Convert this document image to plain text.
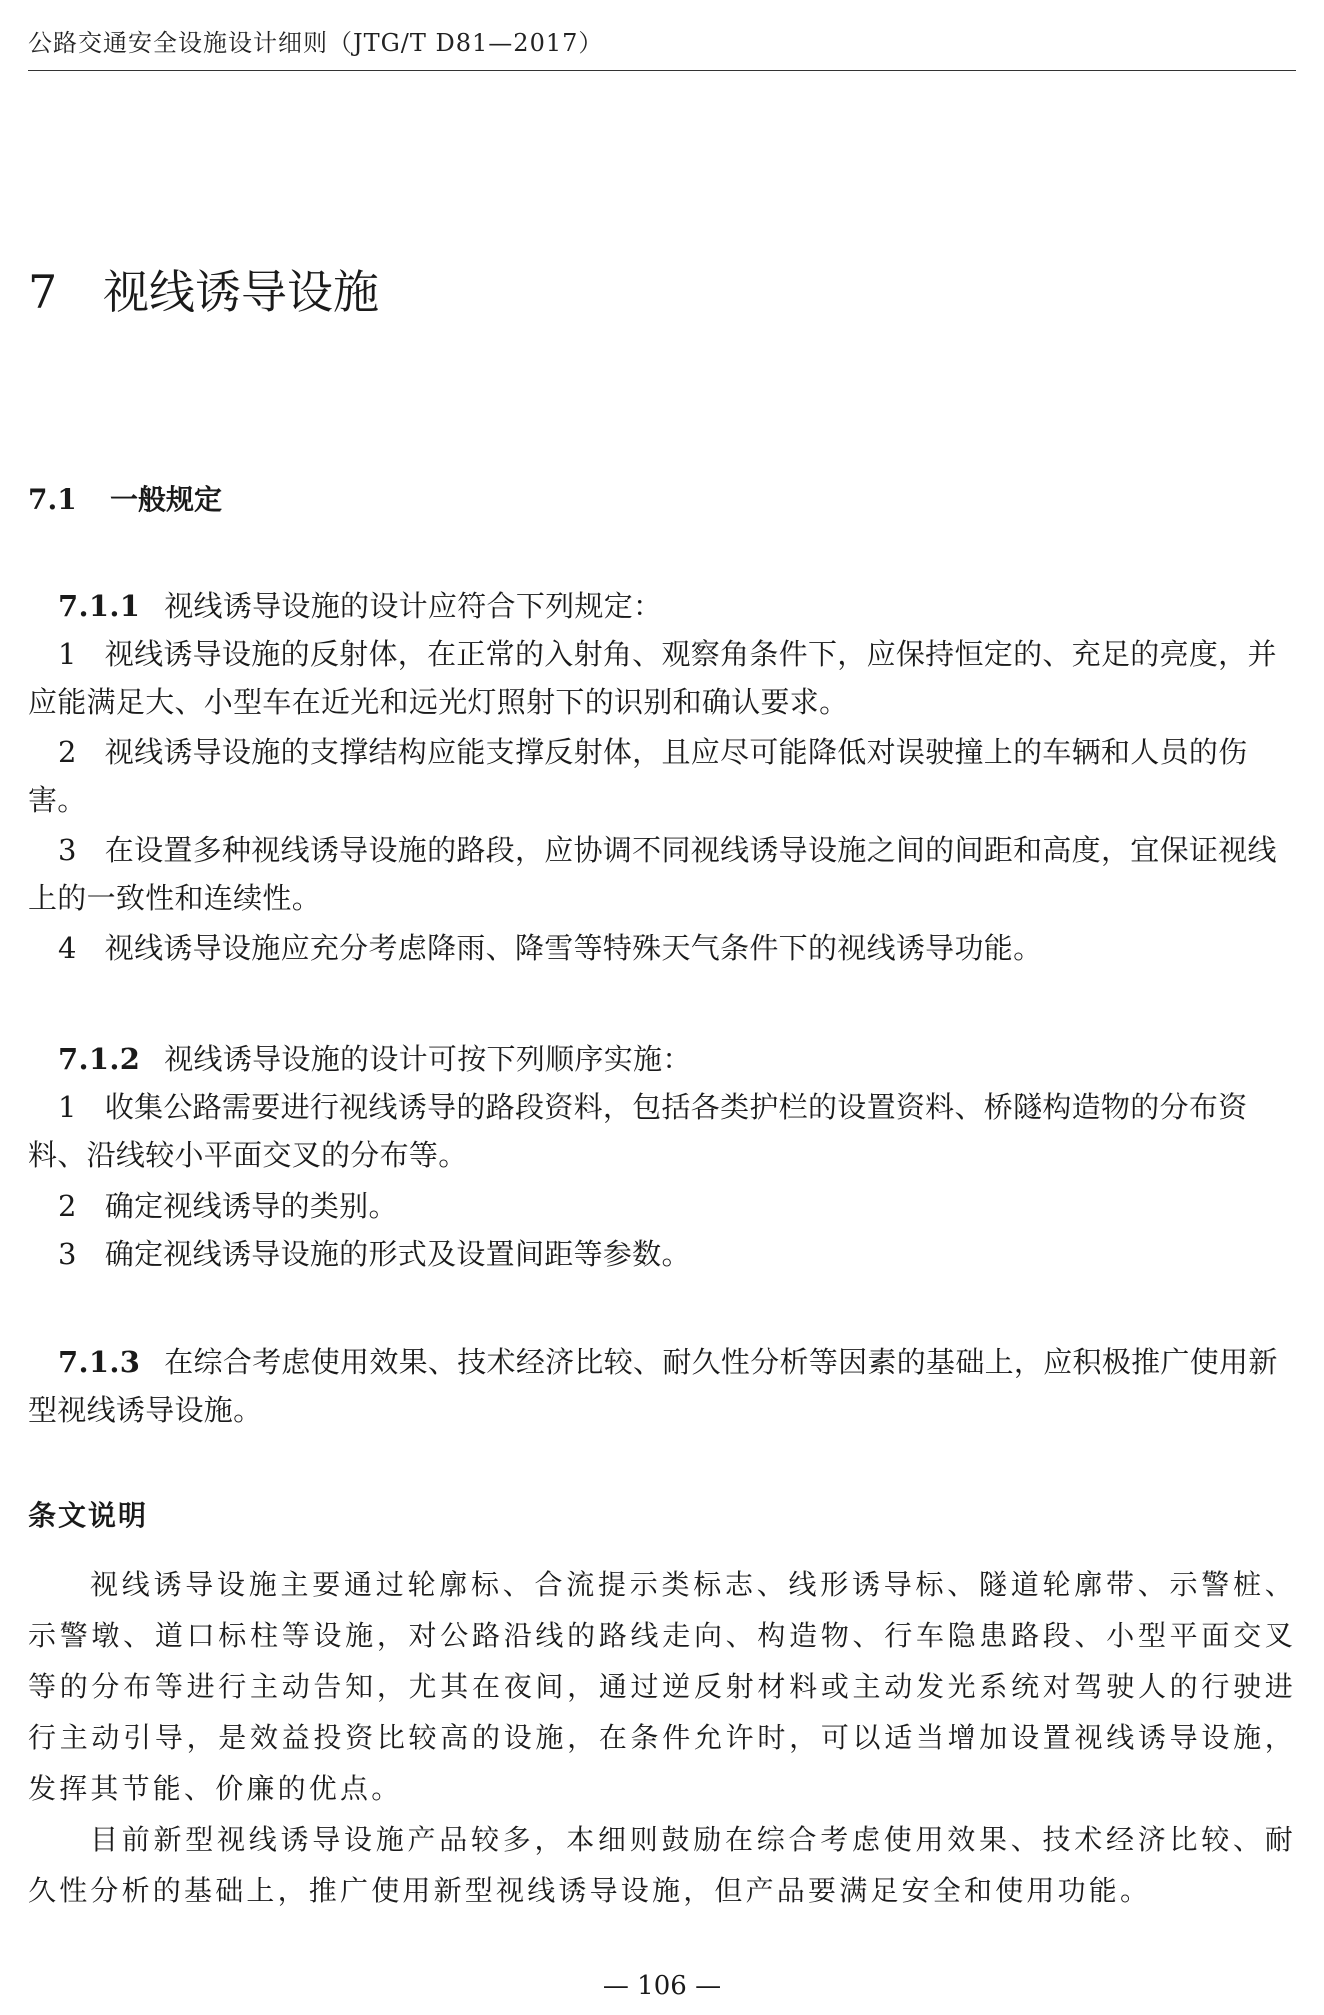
公路交通安全设施设计细则（JTG/T D81—2017）
7 视线诱导设施
7.1 一般规定
7.1.1 视线诱导设施的设计应符合下列规定：
1 视线诱导设施的反射体，在正常的入射角、观察角条件下，应保持恒定的、充足的亮度，并应能满足大、小型车在近光和远光灯照射下的识别和确认要求。
2 视线诱导设施的支撑结构应能支撑反射体，且应尽可能降低对误驶撞上的车辆和人员的伤害。
3 在设置多种视线诱导设施的路段，应协调不同视线诱导设施之间的间距和高度，宜保证视线上的一致性和连续性。
4 视线诱导设施应充分考虑降雨、降雪等特殊天气条件下的视线诱导功能。
7.1.2 视线诱导设施的设计可按下列顺序实施：
1 收集公路需要进行视线诱导的路段资料，包括各类护栏的设置资料、桥隧构造物的分布资料、沿线较小平面交叉的分布等。
2 确定视线诱导的类别。
3 确定视线诱导设施的形式及设置间距等参数。
7.1.3 在综合考虑使用效果、技术经济比较、耐久性分析等因素的基础上，应积极推广使用新型视线诱导设施。
条文说明
视线诱导设施主要通过轮廓标、合流提示类标志、线形诱导标、隧道轮廓带、示警桩、示警墩、道口标柱等设施，对公路沿线的路线走向、构造物、行车隐患路段、小型平面交叉等的分布等进行主动告知，尤其在夜间，通过逆反射材料或主动发光系统对驾驶人的行驶进行主动引导，是效益投资比较高的设施，在条件允许时，可以适当增加设置视线诱导设施，发挥其节能、价廉的优点。
目前新型视线诱导设施产品较多，本细则鼓励在综合考虑使用效果、技术经济比较、耐久性分析的基础上，推广使用新型视线诱导设施，但产品要满足安全和使用功能。
— 106 —
